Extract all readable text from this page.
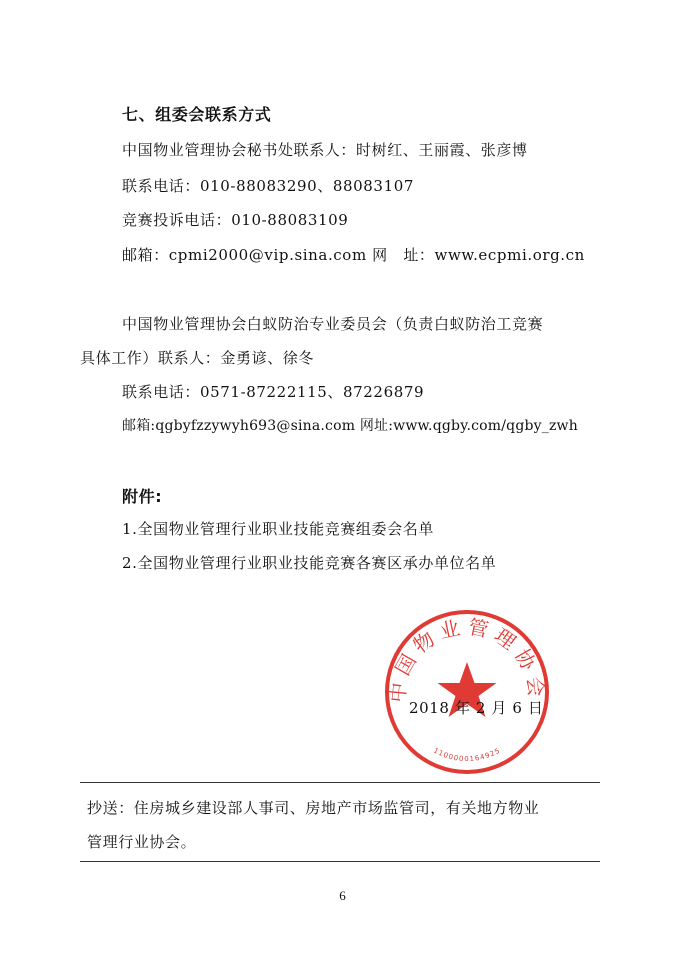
七、组委会联系方式
中国物业管理协会秘书处联系人：时树红、王丽霞、张彦博
联系电话：010-88083290、88083107
竞赛投诉电话：010-88083109
邮箱：cpmi2000@vip.sina.com 网　址：www.ecpmi.org.cn
中国物业管理协会白蚁防治专业委员会（负责白蚁防治工竞赛
具体工作）联系人：金勇谚、徐冬
联系电话：0571-87222115、87226879
邮箱:qgbyfzzywyh693@sina.com 网址:www.qgby.com/qgby_zwh
附件:
1.全国物业管理行业职业技能竞赛组委会名单
2.全国物业管理行业职业技能竞赛各赛区承办单位名单
中国物业管理协会
1100000164925
2018 年 2 月 6 日
抄送：住房城乡建设部人事司、房地产市场监管司，有关地方物业
管理行业协会。
6
